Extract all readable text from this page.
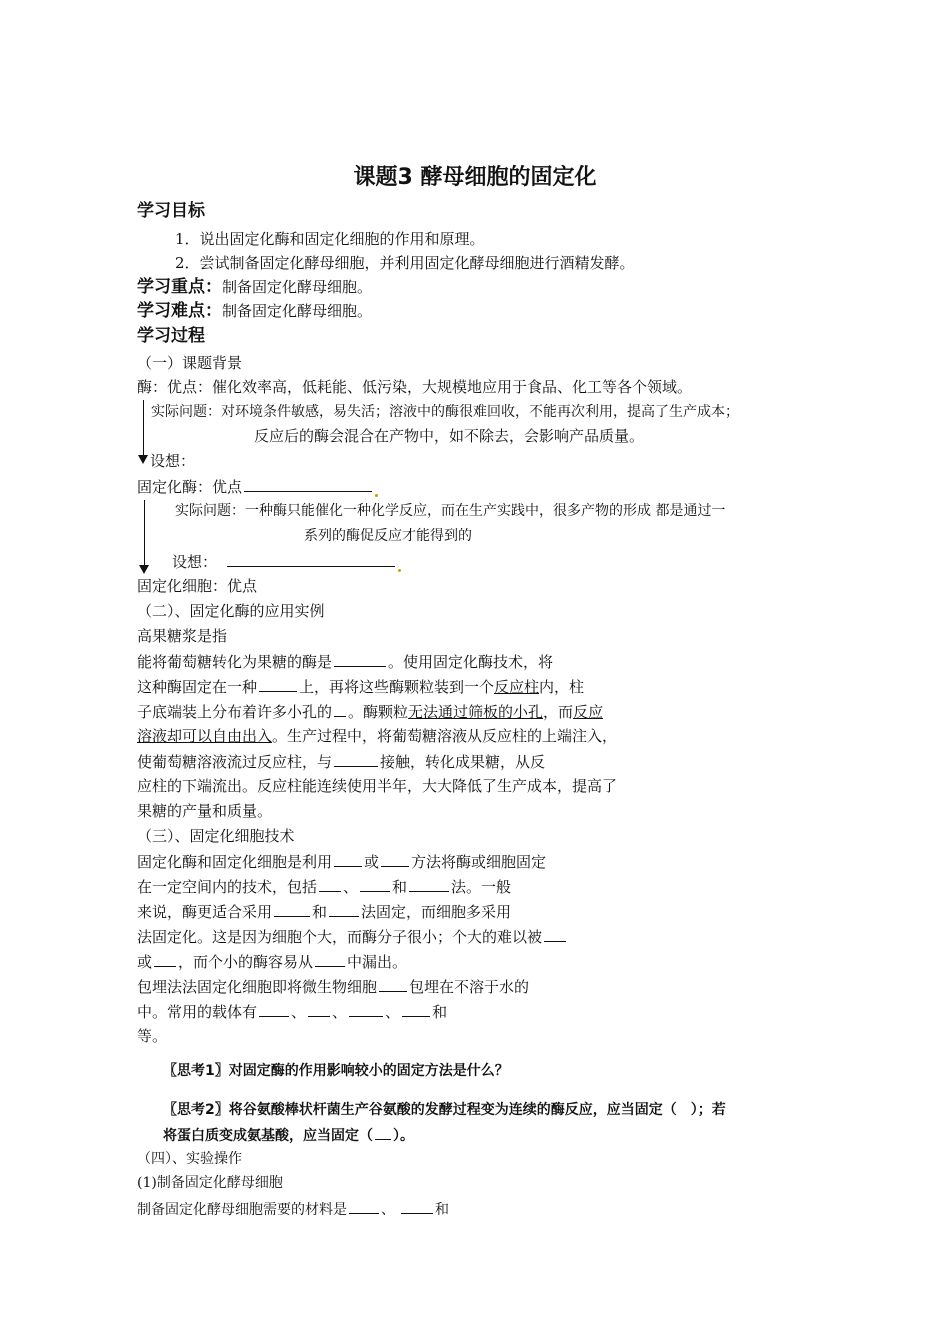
课题3 酵母细胞的固定化
学习目标
1．说出固定化酶和固定化细胞的作用和原理。
2．尝试制备固定化酵母细胞，并利用固定化酵母细胞进行酒精发酵。
学习重点：制备固定化酵母细胞。
学习难点：制备固定化酵母细胞。
学习过程
（一）课题背景
酶：优点：催化效率高，低耗能、低污染，大规模地应用于食品、化工等各个领域。
实际问题：对环境条件敏感，易失活；溶液中的酶很难回收，不能再次利用，提高了生产成本；
反应后的酶会混合在产物中，如不除去，会影响产品质量。
设想：
固定化酶：优点
实际问题：一种酶只能催化一种化学反应，而在生产实践中，很多产物的形成 都是通过一
系列的酶促反应才能得到的
设想：
固定化细胞：优点
（二）、固定化酶的应用实例
高果糖浆是指
能将葡萄糖转化为果糖的酶是	。使用固定化酶技术，将
这种酶固定在一种	上，再将这些酶颗粒装到一个反应柱内，柱
子底端装上分布着许多小孔的 。酶颗粒无法通过筛板的小孔，而反应
溶液却可以自由出入。生产过程中，将葡萄糖溶液从反应柱的上端注入，
使葡萄糖溶液流过反应柱，与	接触，转化成果糖，从反
应柱的下端流出。反应柱能连续使用半年，大大降低了生产成本，提高了
果糖的产量和质量。
（三）、固定化细胞技术
固定化酶和固定化细胞是利用 或 方法将酶或细胞固定
在一定空间内的技术，包括 、 和	法。一般
来说，酶更适合采用	和 法固定，而细胞多采用
法固定化。这是因为细胞个大，而酶分子很小；个大的难以被
或 ，而个小的酶容易从 中漏出。
包埋法法固定化细胞即将微生物细胞 包埋在不溶于水的
中。常用的载体有 、 、	、 和
等。
〖思考1〗对固定酶的作用影响较小的固定方法是什么？
〖思考2〗将谷氨酸棒状杆菌生产谷氨酸的发酵过程变为连续的酶反应，应当固定（　）；若
将蛋白质变成氨基酸，应当固定（ ）。
（四）、实验操作
(1)制备固定化酵母细胞
制备固定化酵母细胞需要的材料是 、	和
